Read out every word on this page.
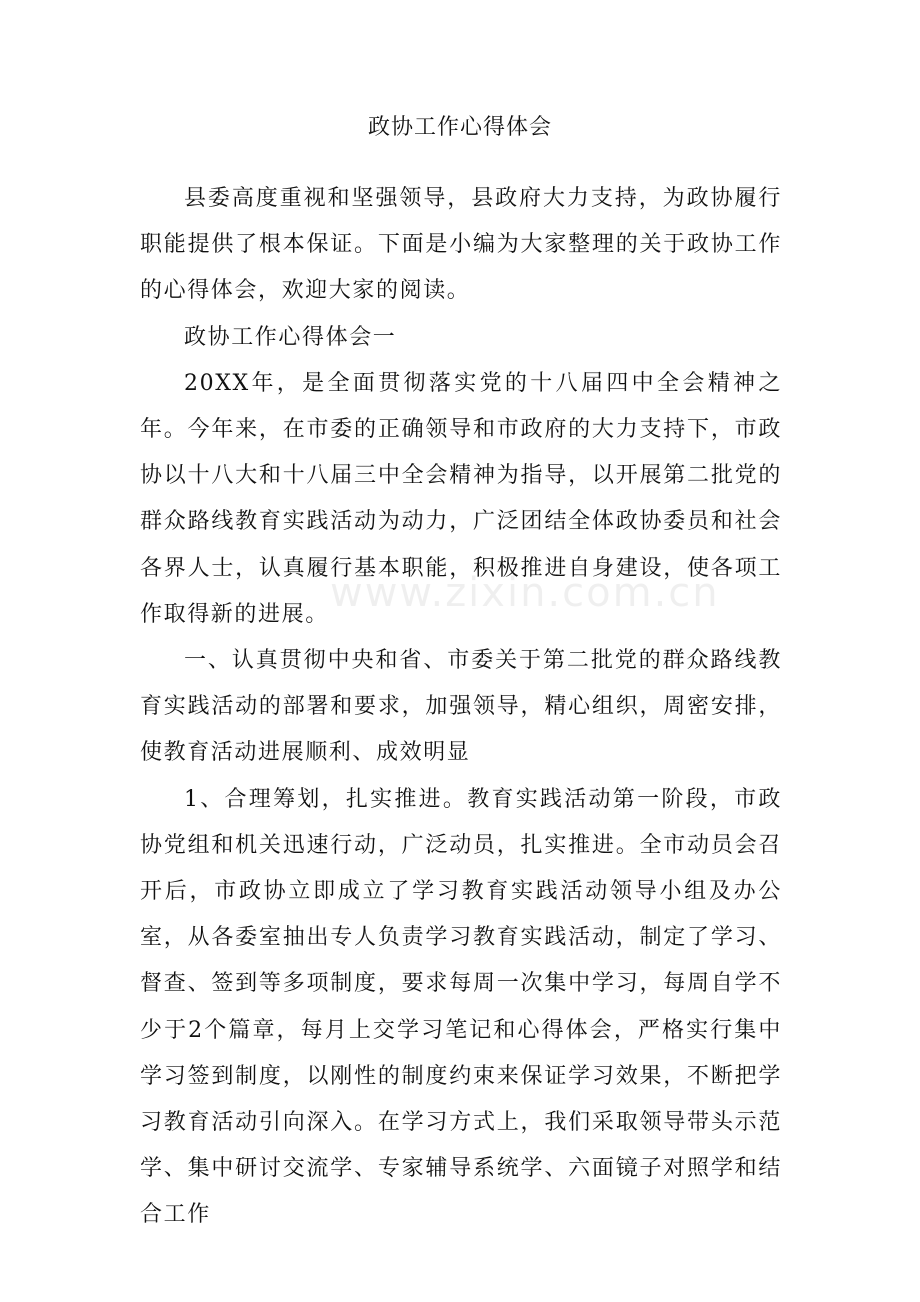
政协工作心得体会

县委高度重视和坚强领导，县政府大力支持，为政协履行职能提供了根本保证。下面是小编为大家整理的关于政协工作的心得体会，欢迎大家的阅读。

政协工作心得体会一

20XX年，是全面贯彻落实党的十八届四中全会精神之年。今年来，在市委的正确领导和市政府的大力支持下，市政协以十八大和十八届三中全会精神为指导，以开展第二批党的群众路线教育实践活动为动力，广泛团结全体政协委员和社会各界人士，认真履行基本职能，积极推进自身建设，使各项工作取得新的进展。

一、认真贯彻中央和省、市委关于第二批党的群众路线教育实践活动的部署和要求，加强领导，精心组织，周密安排，使教育活动进展顺利、成效明显

1、合理筹划，扎实推进。教育实践活动第一阶段，市政协党组和机关迅速行动，广泛动员，扎实推进。全市动员会召开后，市政协立即成立了学习教育实践活动领导小组及办公室，从各委室抽出专人负责学习教育实践活动，制定了学习、督查、签到等多项制度，要求每周一次集中学习，每周自学不少于2个篇章，每月上交学习笔记和心得体会，严格实行集中学习签到制度，以刚性的制度约束来保证学习效果，不断把学习教育活动引向深入。在学习方式上，我们采取领导带头示范学、集中研讨交流学、专家辅导系统学、六面镜子对照学和结合工作

www.zixin.com.cn
